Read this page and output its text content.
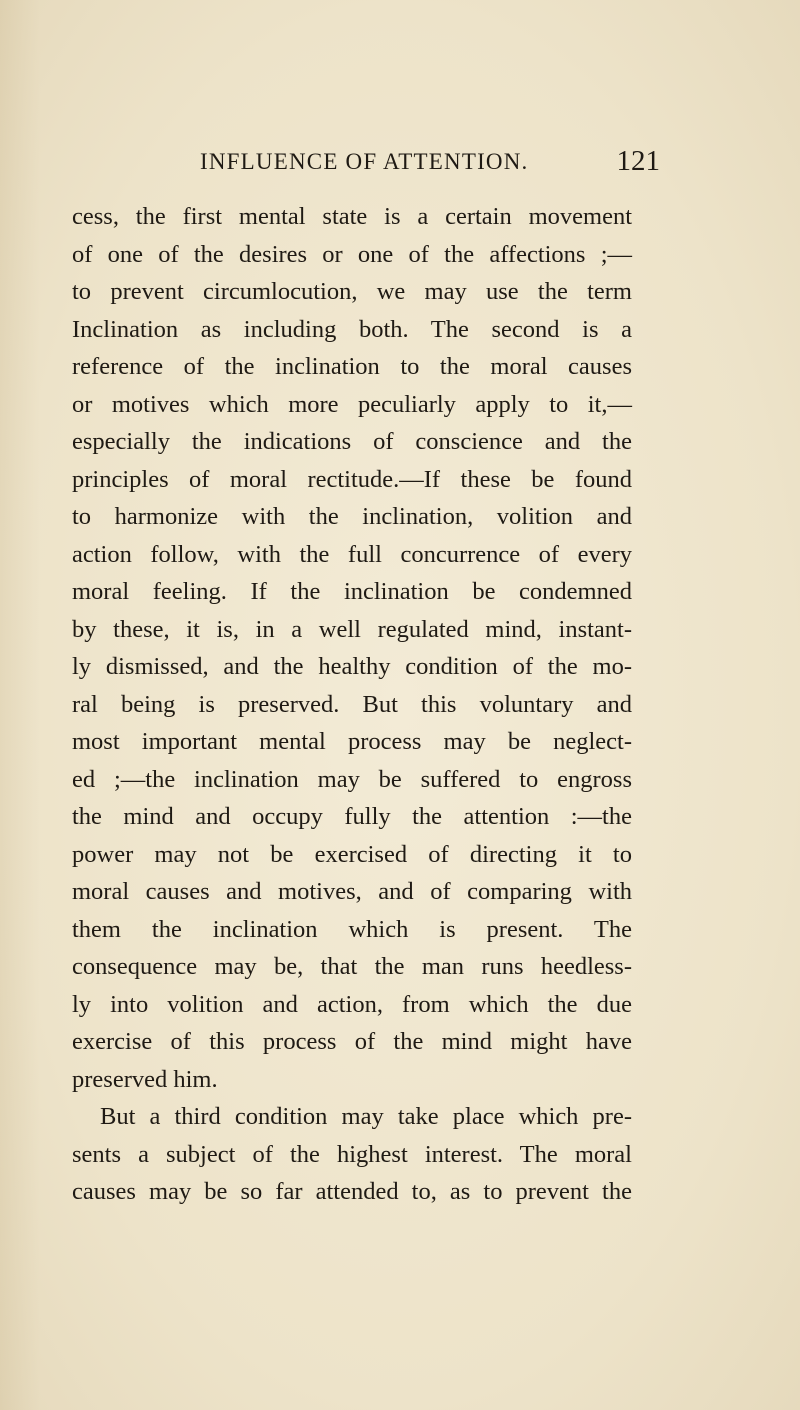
INFLUENCE OF ATTENTION.	121
cess, the first mental state is a certain movement
of one of the desires or one of the affections ;—
to prevent circumlocution, we may use the term
Inclination as including both. The second is a
reference of the inclination to the moral causes
or motives which more peculiarly apply to it,—
especially the indications of conscience and the
principles of moral rectitude.—If these be found
to harmonize with the inclination, volition and
action follow, with the full concurrence of every
moral feeling. If the inclination be condemned
by these, it is, in a well regulated mind, instant-
ly dismissed, and the healthy condition of the mo-
ral being is preserved. But this voluntary and
most important mental process may be neglect-
ed ;—the inclination may be suffered to engross
the mind and occupy fully the attention :—the
power may not be exercised of directing it to
moral causes and motives, and of comparing with
them the inclination which is present. The
consequence may be, that the man runs heedless-
ly into volition and action, from which the due
exercise of this process of the mind might have
preserved him.
But a third condition may take place which pre-
sents a subject of the highest interest. The moral
causes may be so far attended to, as to prevent the
